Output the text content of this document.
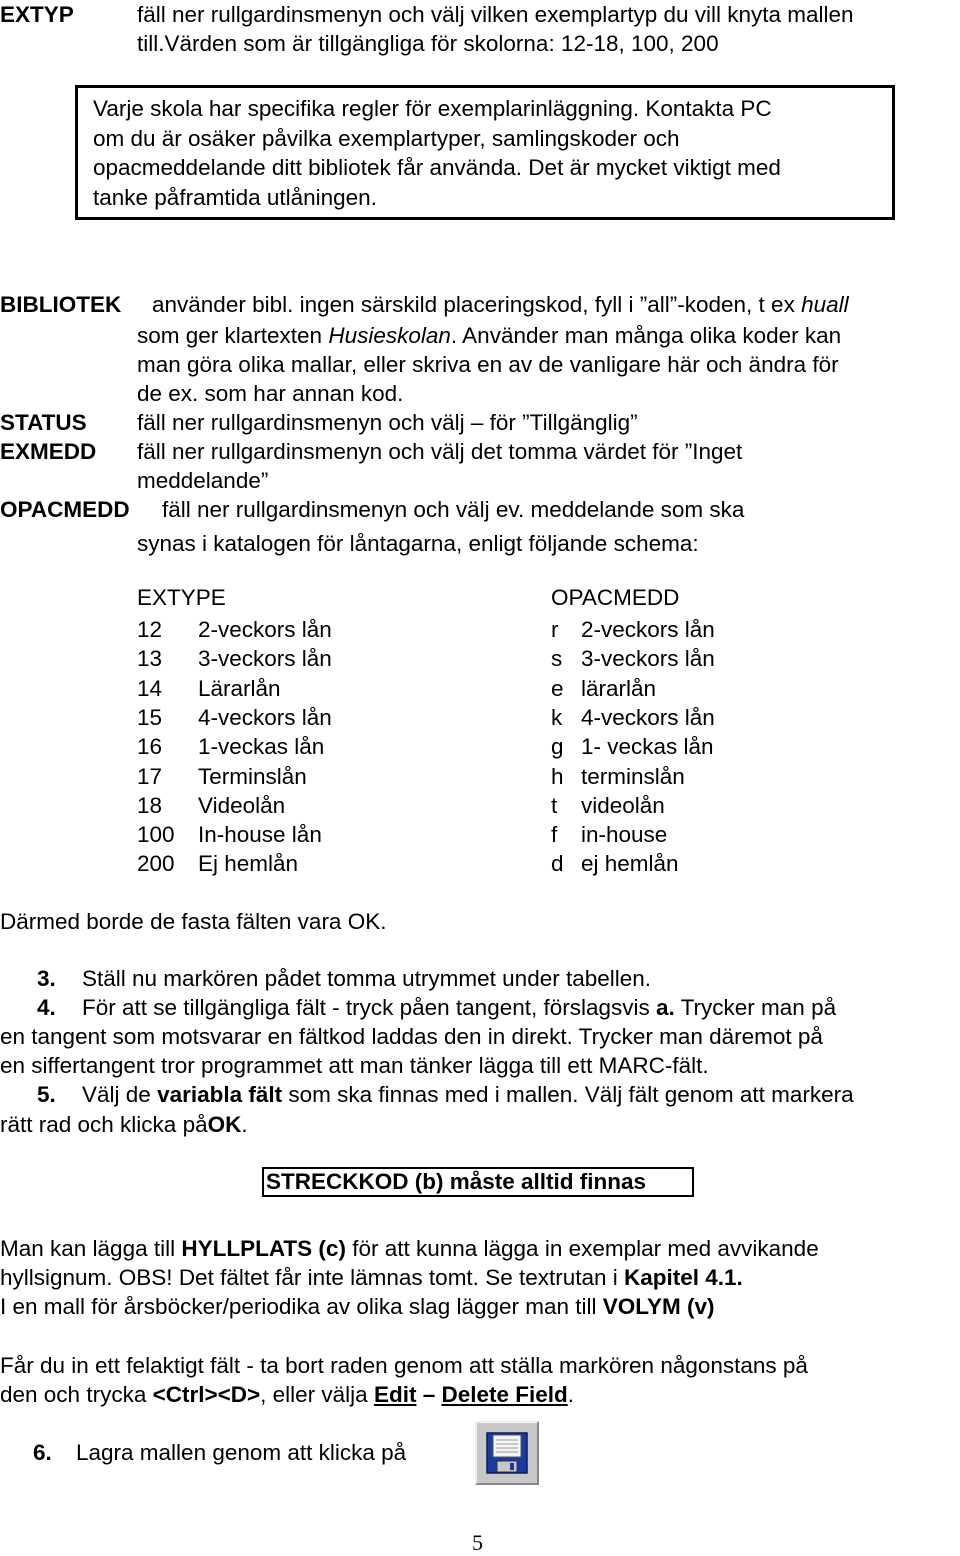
EXTYP	fäll ner rullgardinsmenyn och välj vilken exemplartyp du vill knyta mallen
till.Värden som är tillgängliga för skolorna: 12-18, 100, 200
Varje skola har specifika regler för exemplarinläggning. Kontakta PC
om du är osäker påvilka exemplartyper, samlingskoder och
opacmeddelande ditt bibliotek får använda. Det är mycket viktigt med
tanke påframtida utlåningen.
BIBLIOTEK använder bibl. ingen särskild placeringskod, fyll i ”all”-koden, t ex huall
som ger klartexten Husieskolan. Använder man många olika koder kan
man göra olika mallar, eller skriva en av de vanligare här och ändra för
de ex. som har annan kod.
STATUS fäll ner rullgardinsmenyn och välj – för ”Tillgänglig”
EXMEDD fäll ner rullgardinsmenyn och välj det tomma värdet för ”Inget
meddelande”
OPACMEDD fäll ner rullgardinsmenyn och välj ev. meddelande som ska
synas i katalogen för låntagarna, enligt följande schema:
EXTYPE	OPACMEDD
12 2-veckors lån	r 2-veckors lån
13 3-veckors lån	s 3-veckors lån
14 Lärarlån	e lärarlån
15 4-veckors lån	k 4-veckors lån
16 1-veckas lån	g 1- veckas lån
17 Terminslån	h terminslån
18 Videolån	t videolån
100 In-house lån	f in-house
200 Ej hemlån	d ej hemlån
Därmed borde de fasta fälten vara OK.
3. Ställ nu markören pådet tomma utrymmet under tabellen.
4. För att se tillgängliga fält - tryck påen tangent, förslagsvis a. Trycker man på
en tangent som motsvarar en fältkod laddas den in direkt. Trycker man däremot på
en siffertangent tror programmet att man tänker lägga till ett MARC-fält.
5. Välj de variabla fält som ska finnas med i mallen. Välj fält genom att markera
rätt rad och klicka påOK.
STRECKKOD (b) måste alltid finnas
Man kan lägga till HYLLPLATS (c) för att kunna lägga in exemplar med avvikande
hyllsignum. OBS! Det fältet får inte lämnas tomt. Se textrutan i Kapitel 4.1.
I en mall för årsböcker/periodika av olika slag lägger man till VOLYM (v)
Får du in ett felaktigt fält - ta bort raden genom att ställa markören någonstans på
den och trycka <Ctrl><D>, eller välja Edit – Delete Field.
6. Lagra mallen genom att klicka på
5
